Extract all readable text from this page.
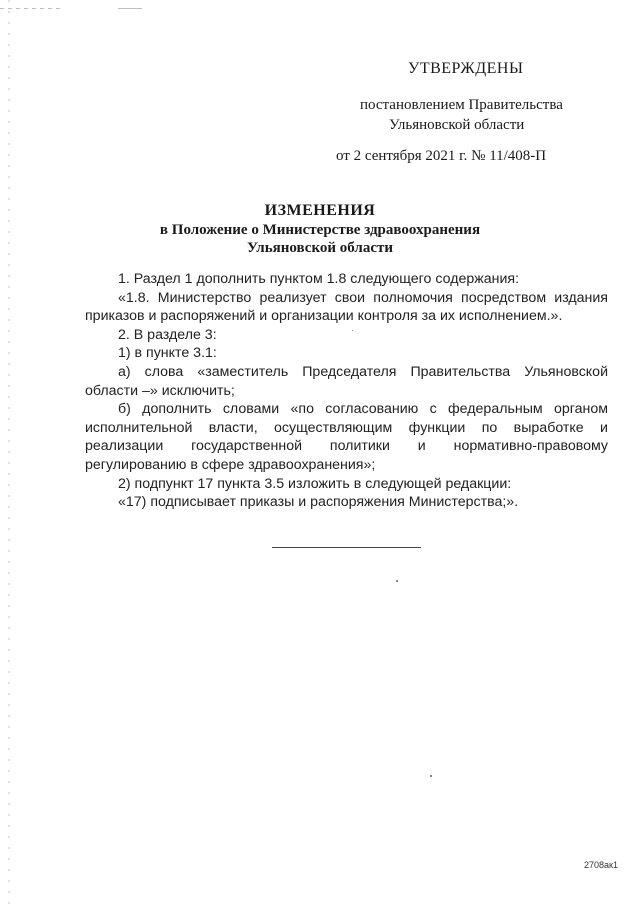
УТВЕРЖДЕНЫ
постановлением Правительства
Ульяновской области
от 2 сентября 2021 г. № 11/408-П
ИЗМЕНЕНИЯ
в Положение о Министерстве здравоохранения
Ульяновской области

1. Раздел 1 дополнить пунктом 1.8 следующего содержания:

«1.8. Министерство реализует свои полномочия посредством издания приказов и распоряжений и организации контроля за их исполнением.».

2. В разделе 3:

1) в пункте 3.1:

а) слова «заместитель Председателя Правительства Ульяновской области –» исключить;

б) дополнить словами «по согласованию с федеральным органом исполнительной власти, осуществляющим функции по выработке и реализации государственной политики и нормативно-правовому регулированию в сфере здравоохранения»;

2) подпункт 17 пункта 3.5 изложить в следующей редакции:

«17) подписывает приказы и распоряжения Министерства;».

2708ак1
